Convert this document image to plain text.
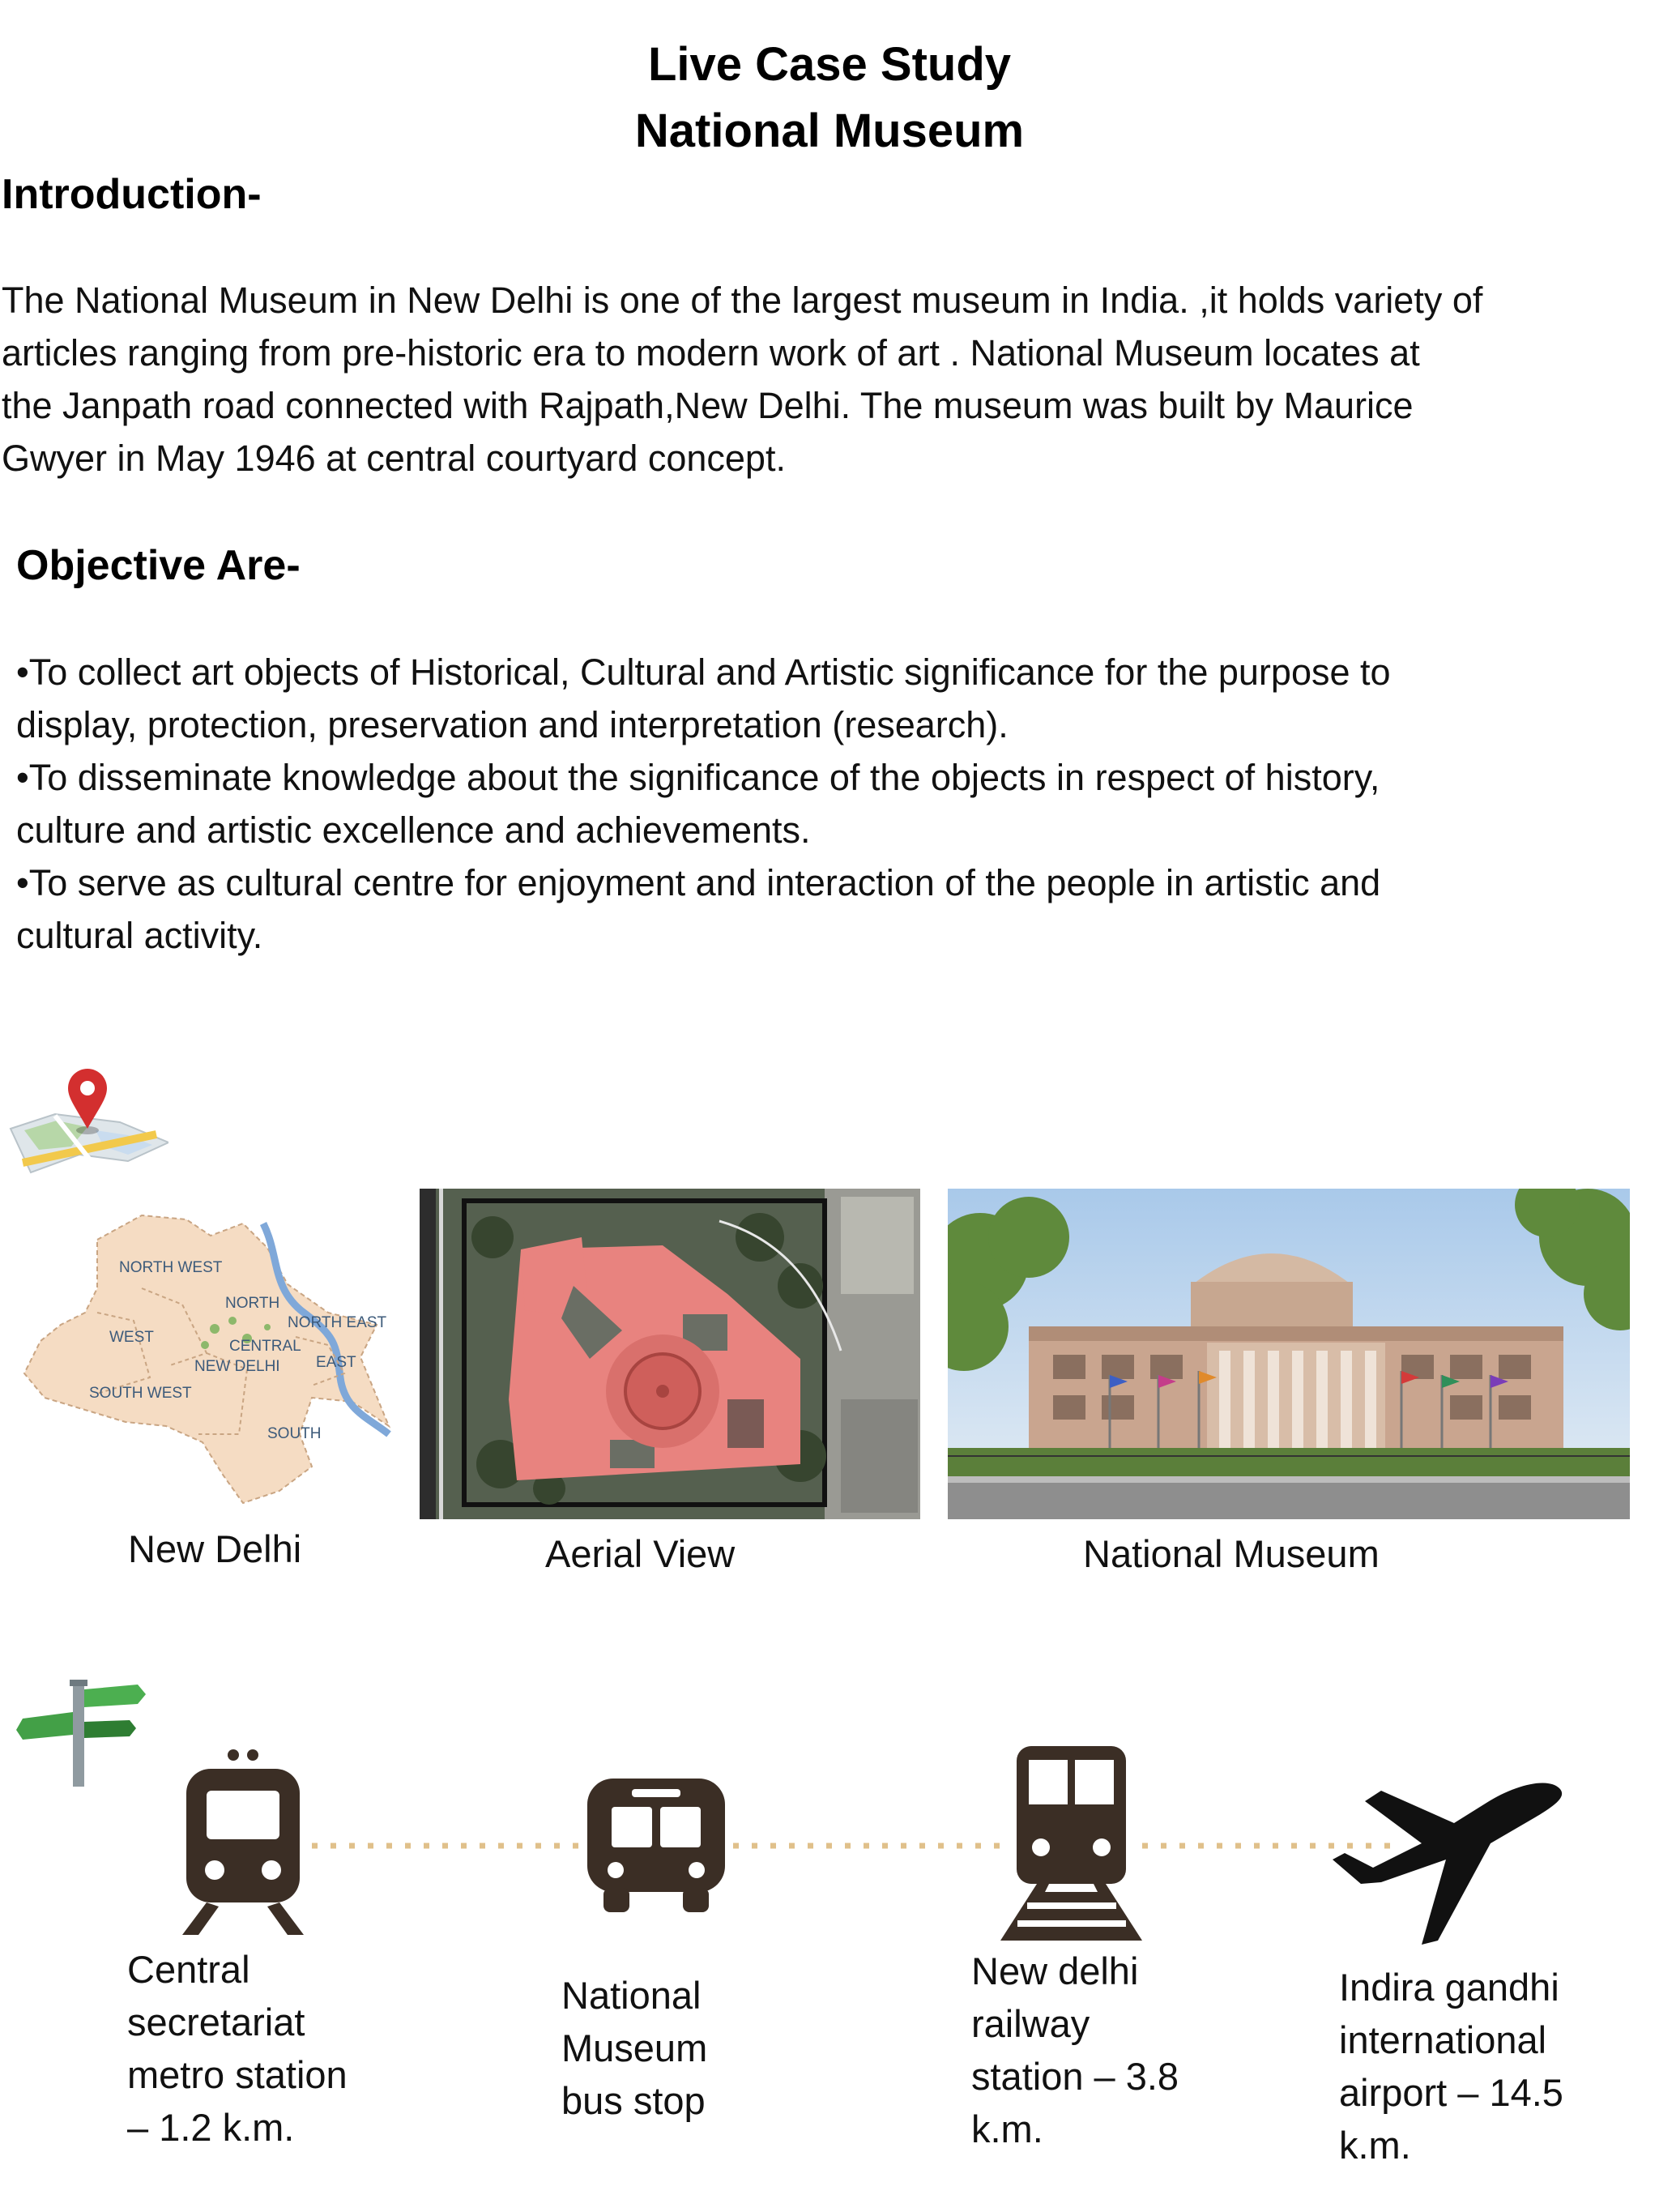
Live Case Study
National Museum
Introduction-
The National Museum in New Delhi is one of the largest museum in India. ,it holds variety of
articles ranging from pre-historic era to modern work of art . National Museum locates at
the Janpath road connected with Rajpath,New Delhi. The museum was built by Maurice
Gwyer in May 1946 at central courtyard concept.
Objective Are-
•To collect art objects of Historical, Cultural and Artistic significance for the purpose to
display, protection, preservation and interpretation (research).
•To disseminate knowledge about the significance of the objects in respect of history,
culture and artistic excellence and achievements.
•To serve as cultural centre for enjoyment and interaction of the people in artistic and
cultural activity.
NORTH WEST
NORTH
NORTH EAST
WEST
CENTRAL
EAST
NEW DELHI
SOUTH WEST
SOUTH
New Delhi	Aerial View	National Museum
Central
secretariat
metro station
– 1.2 k.m.
National
Museum
bus stop
New delhi
railway
station – 3.8
k.m.
Indira gandhi
international
airport – 14.5
k.m.
